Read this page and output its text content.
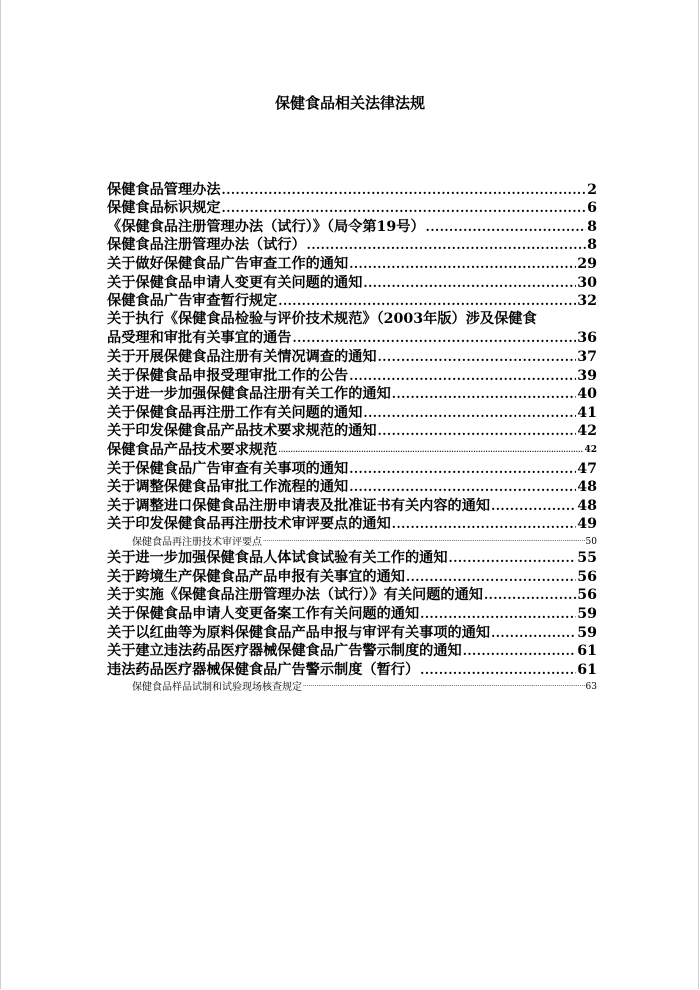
保健食品相关法律法规
保健食品管理办法 .....	2
保健食品标识规定 .....	6
《保健食品注册管理办法（试行）》（局令第19号） .....	8
保健食品注册管理办法（试行） .....	8
关于做好保健食品广告审查工作的通知 .....	29
关于保健食品申请人变更有关问题的通知 .....	30
保健食品广告审查暂行规定 .....	32
关于执行《保健食品检验与评价技术规范》（2003年版）涉及保健食
品受理和审批有关事宜的通告 .....	36
关于开展保健食品注册有关情况调查的通知 .....	37
关于保健食品申报受理审批工作的公告 .....	39
关于进一步加强保健食品注册有关工作的通知 .....	40
关于保健食品再注册工作有关问题的通知 .....	41
关于印发保健食品产品技术要求规范的通知 .....	42
保健食品产品技术要求规范 .....	42
关于保健食品广告审查有关事项的通知 .....	47
关于调整保健食品审批工作流程的通知 .....	48
关于调整进口保健食品注册申请表及批准证书有关内容的通知 .....	48
关于印发保健食品再注册技术审评要点的通知 .....	49
保健食品再注册技术审评要点 .....	50
关于进一步加强保健食品人体试食试验有关工作的通知 .....	55
关于跨境生产保健食品产品申报有关事宜的通知 .....	56
关于实施《保健食品注册管理办法（试行）》有关问题的通知 .....	56
关于保健食品申请人变更备案工作有关问题的通知 .....	59
关于以红曲等为原料保健食品产品申报与审评有关事项的通知 .....	59
关于建立违法药品医疗器械保健食品广告警示制度的通知 .....	61
违法药品医疗器械保健食品广告警示制度（暂行） .....	61
保健食品样品试制和试验现场核查规定 .....	63
